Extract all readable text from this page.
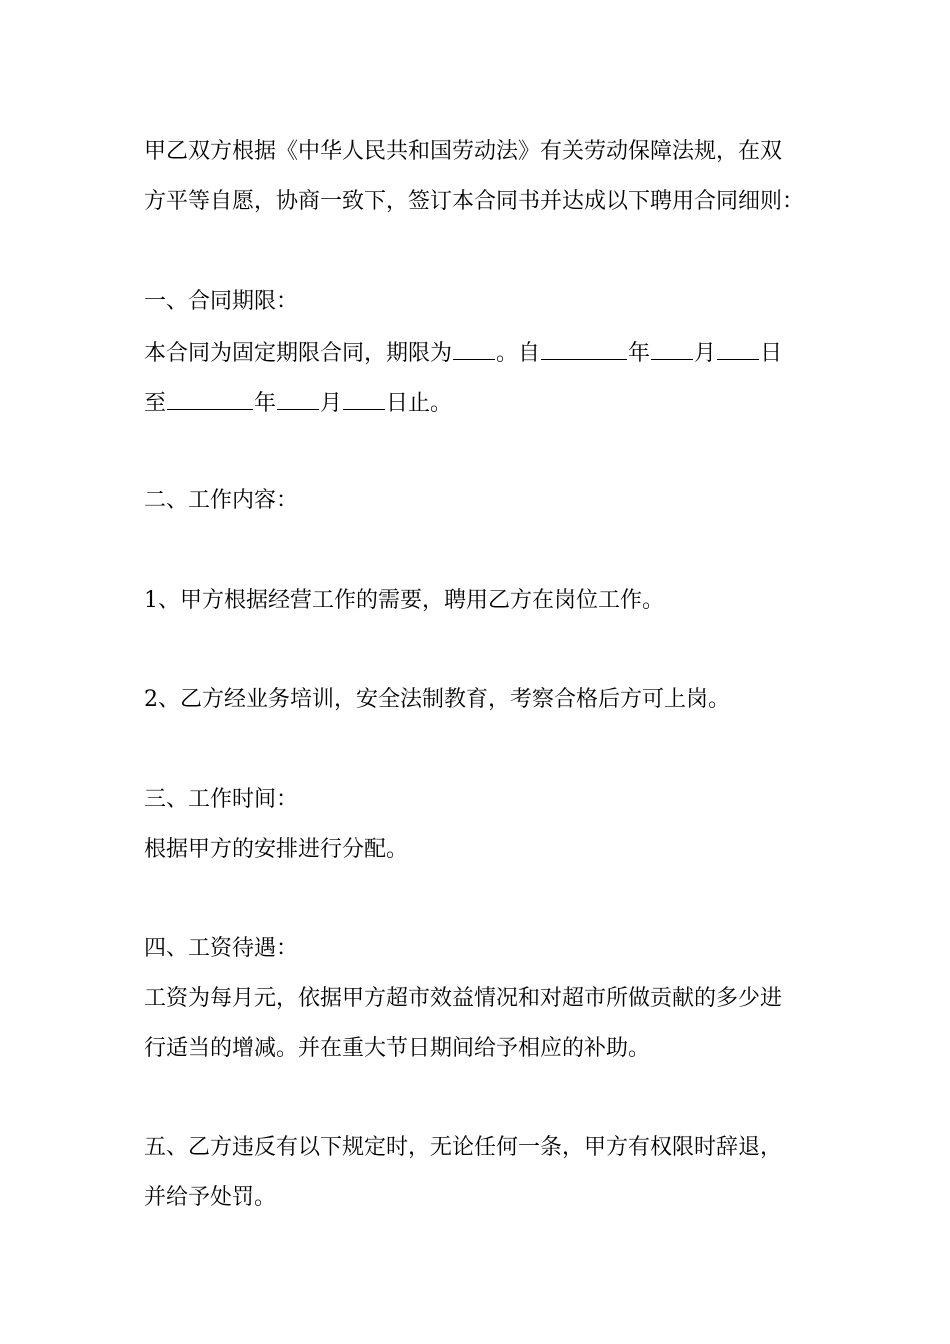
甲乙双方根据《中华人民共和国劳动法》有关劳动保障法规，在双
方平等自愿，协商一致下，签订本合同书并达成以下聘用合同细则：
一、合同期限：
本合同为固定期限合同，期限为 。自	年 月 日
至	年 月 日止。
二、工作内容：
1、甲方根据经营工作的需要，聘用乙方在岗位工作。
2、乙方经业务培训，安全法制教育，考察合格后方可上岗。
三、工作时间：
根据甲方的安排进行分配。
四、工资待遇：
工资为每月元，依据甲方超市效益情况和对超市所做贡献的多少进
行适当的增减。并在重大节日期间给予相应的补助。
五、乙方违反有以下规定时，无论任何一条，甲方有权限时辞退，
并给予处罚。
